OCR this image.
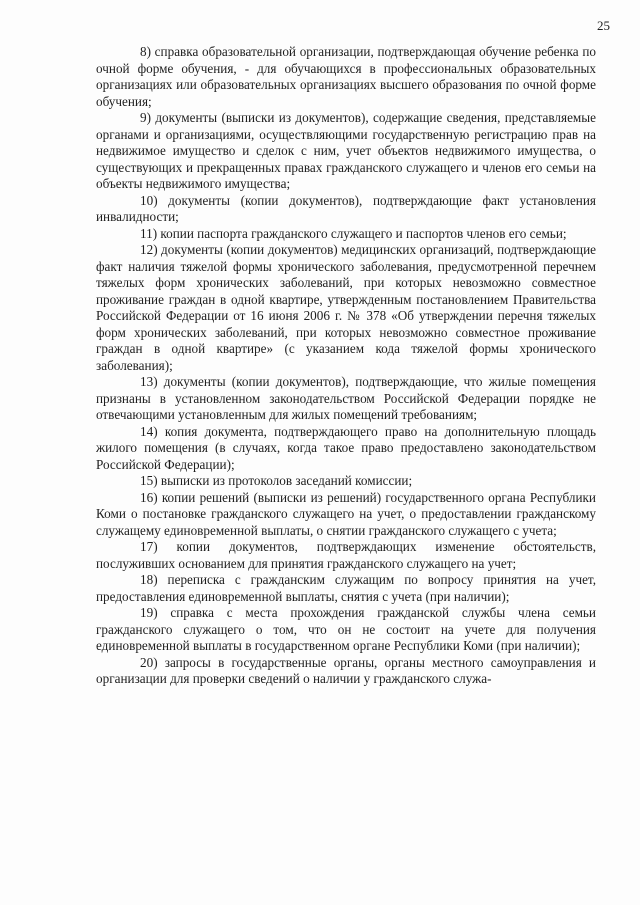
25

8) справка образовательной организации, подтверждающая обучение ребенка по очной форме обучения, - для обучающихся в профессиональных образовательных организациях или образовательных организациях высшего образования по очной форме обучения;

9) документы (выписки из документов), содержащие сведения, представляемые органами и организациями, осуществляющими государственную регистрацию прав на недвижимое имущество и сделок с ним, учет объектов недвижимого имущества, о существующих и прекращенных правах гражданского служащего и членов его семьи на объекты недвижимого имущества;

10) документы (копии документов), подтверждающие факт установления инвалидности;

11) копии паспорта гражданского служащего и паспортов членов его семьи;

12) документы (копии документов) медицинских организаций, подтверждающие факт наличия тяжелой формы хронического заболевания, предусмотренной перечнем тяжелых форм хронических заболеваний, при которых невозможно совместное проживание граждан в одной квартире, утвержденным постановлением Правительства Российской Федерации от 16 июня 2006 г. № 378 «Об утверждении перечня тяжелых форм хронических заболеваний, при которых невозможно совместное проживание граждан в одной квартире» (с указанием кода тяжелой формы хронического заболевания);

13) документы (копии документов), подтверждающие, что жилые помещения признаны в установленном законодательством Российской Федерации порядке не отвечающими установленным для жилых помещений требованиям;

14) копия документа, подтверждающего право на дополнительную площадь жилого помещения (в случаях, когда такое право предоставлено законодательством Российской Федерации);

15) выписки из протоколов заседаний комиссии;

16) копии решений (выписки из решений) государственного органа Республики Коми о постановке гражданского служащего на учет, о предоставлении гражданскому служащему единовременной выплаты, о снятии гражданского служащего с учета;

17) копии документов, подтверждающих изменение обстоятельств, послуживших основанием для принятия гражданского служащего на учет;

18) переписка с гражданским служащим по вопросу принятия на учет, предоставления единовременной выплаты, снятия с учета (при наличии);

19) справка с места прохождения гражданской службы члена семьи гражданского служащего о том, что он не состоит на учете для получения единовременной выплаты в государственном органе Республики Коми (при наличии);

20) запросы в государственные органы, органы местного самоуправления и организации для проверки сведений о наличии у гражданского служа-
